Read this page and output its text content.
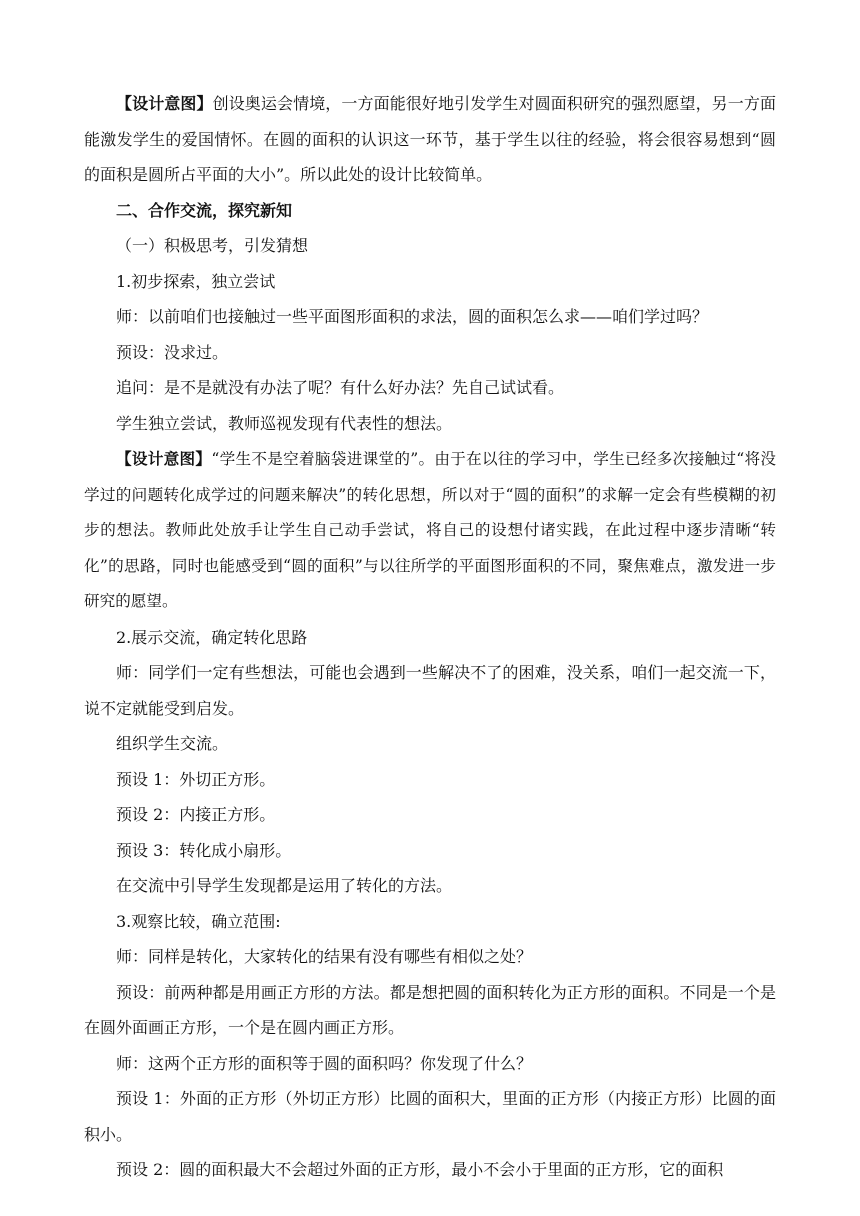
【设计意图】创设奥运会情境，一方面能很好地引发学生对圆面积研究的强烈愿望，另一方面能激发学生的爱国情怀。在圆的面积的认识这一环节，基于学生以往的经验，将会很容易想到“圆的面积是圆所占平面的大小”。所以此处的设计比较简单。

二、合作交流，探究新知

（一）积极思考，引发猜想

1.初步探索，独立尝试

师：以前咱们也接触过一些平面图形面积的求法，圆的面积怎么求——咱们学过吗？

预设：没求过。

追问：是不是就没有办法了呢？有什么好办法？先自己试试看。

学生独立尝试，教师巡视发现有代表性的想法。

【设计意图】“学生不是空着脑袋进课堂的”。由于在以往的学习中，学生已经多次接触过“将没学过的问题转化成学过的问题来解决”的转化思想，所以对于“圆的面积”的求解一定会有些模糊的初步的想法。教师此处放手让学生自己动手尝试，将自己的设想付诸实践，在此过程中逐步清晰“转化”的思路，同时也能感受到“圆的面积”与以往所学的平面图形面积的不同，聚焦难点，激发进一步研究的愿望。

2.展示交流，确定转化思路

师：同学们一定有些想法，可能也会遇到一些解决不了的困难，没关系，咱们一起交流一下，说不定就能受到启发。

组织学生交流。

预设 1：外切正方形。

预设 2：内接正方形。

预设 3：转化成小扇形。

在交流中引导学生发现都是运用了转化的方法。

3.观察比较，确立范围:

师：同样是转化，大家转化的结果有没有哪些有相似之处？

预设：前两种都是用画正方形的方法。都是想把圆的面积转化为正方形的面积。不同是一个是在圆外面画正方形，一个是在圆内画正方形。

师：这两个正方形的面积等于圆的面积吗？你发现了什么？

预设 1：外面的正方形（外切正方形）比圆的面积大，里面的正方形（内接正方形）比圆的面积小。

预设 2：圆的面积最大不会超过外面的正方形，最小不会小于里面的正方形，它的面积
